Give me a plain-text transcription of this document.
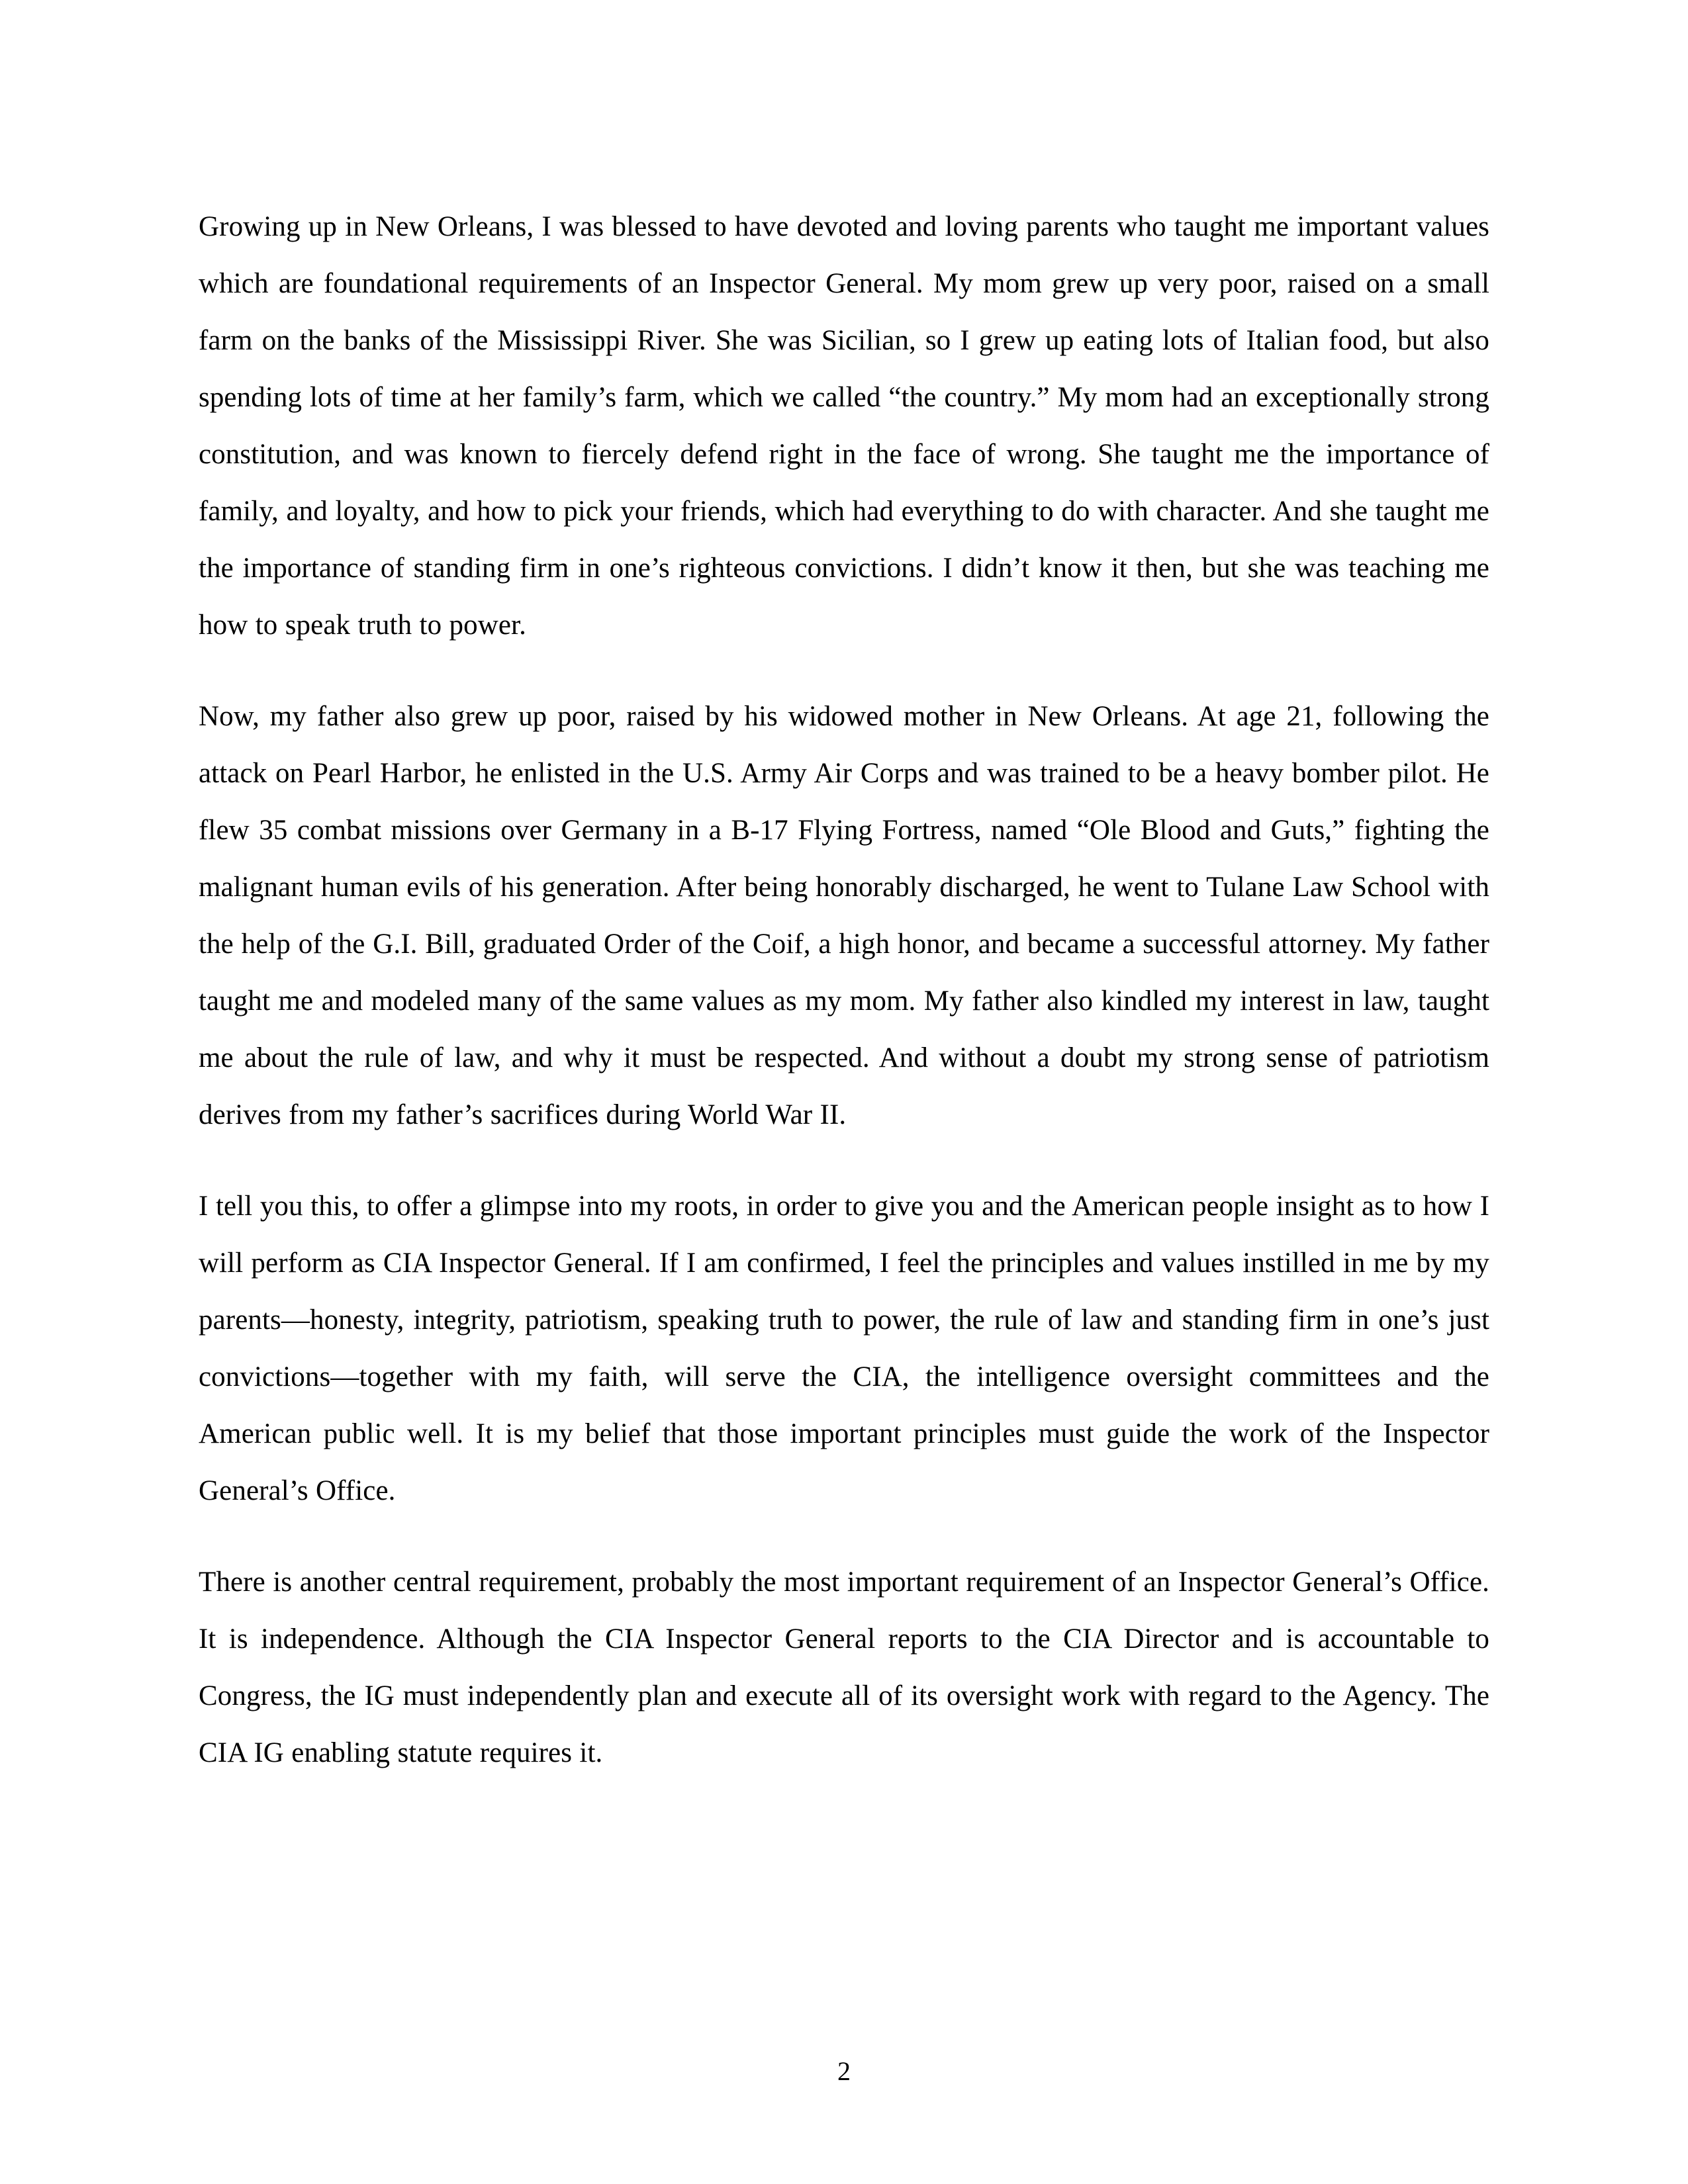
Growing up in New Orleans, I was blessed to have devoted and loving parents who taught me important values which are foundational requirements of an Inspector General. My mom grew up very poor, raised on a small farm on the banks of the Mississippi River. She was Sicilian, so I grew up eating lots of Italian food, but also spending lots of time at her family’s farm, which we called “the country.” My mom had an exceptionally strong constitution, and was known to fiercely defend right in the face of wrong. She taught me the importance of family, and loyalty, and how to pick your friends, which had everything to do with character. And she taught me the importance of standing firm in one’s righteous convictions. I didn’t know it then, but she was teaching me how to speak truth to power.

Now, my father also grew up poor, raised by his widowed mother in New Orleans. At age 21, following the attack on Pearl Harbor, he enlisted in the U.S. Army Air Corps and was trained to be a heavy bomber pilot. He flew 35 combat missions over Germany in a B-17 Flying Fortress, named “Ole Blood and Guts,” fighting the malignant human evils of his generation. After being honorably discharged, he went to Tulane Law School with the help of the G.I. Bill, graduated Order of the Coif, a high honor, and became a successful attorney. My father taught me and modeled many of the same values as my mom. My father also kindled my interest in law, taught me about the rule of law, and why it must be respected. And without a doubt my strong sense of patriotism derives from my father’s sacrifices during World War II.

I tell you this, to offer a glimpse into my roots, in order to give you and the American people insight as to how I will perform as CIA Inspector General. If I am confirmed, I feel the principles and values instilled in me by my parents—honesty, integrity, patriotism, speaking truth to power, the rule of law and standing firm in one’s just convictions—together with my faith, will serve the CIA, the intelligence oversight committees and the American public well. It is my belief that those important principles must guide the work of the Inspector General’s Office.

There is another central requirement, probably the most important requirement of an Inspector General’s Office. It is independence. Although the CIA Inspector General reports to the CIA Director and is accountable to Congress, the IG must independently plan and execute all of its oversight work with regard to the Agency. The CIA IG enabling statute requires it.

2
